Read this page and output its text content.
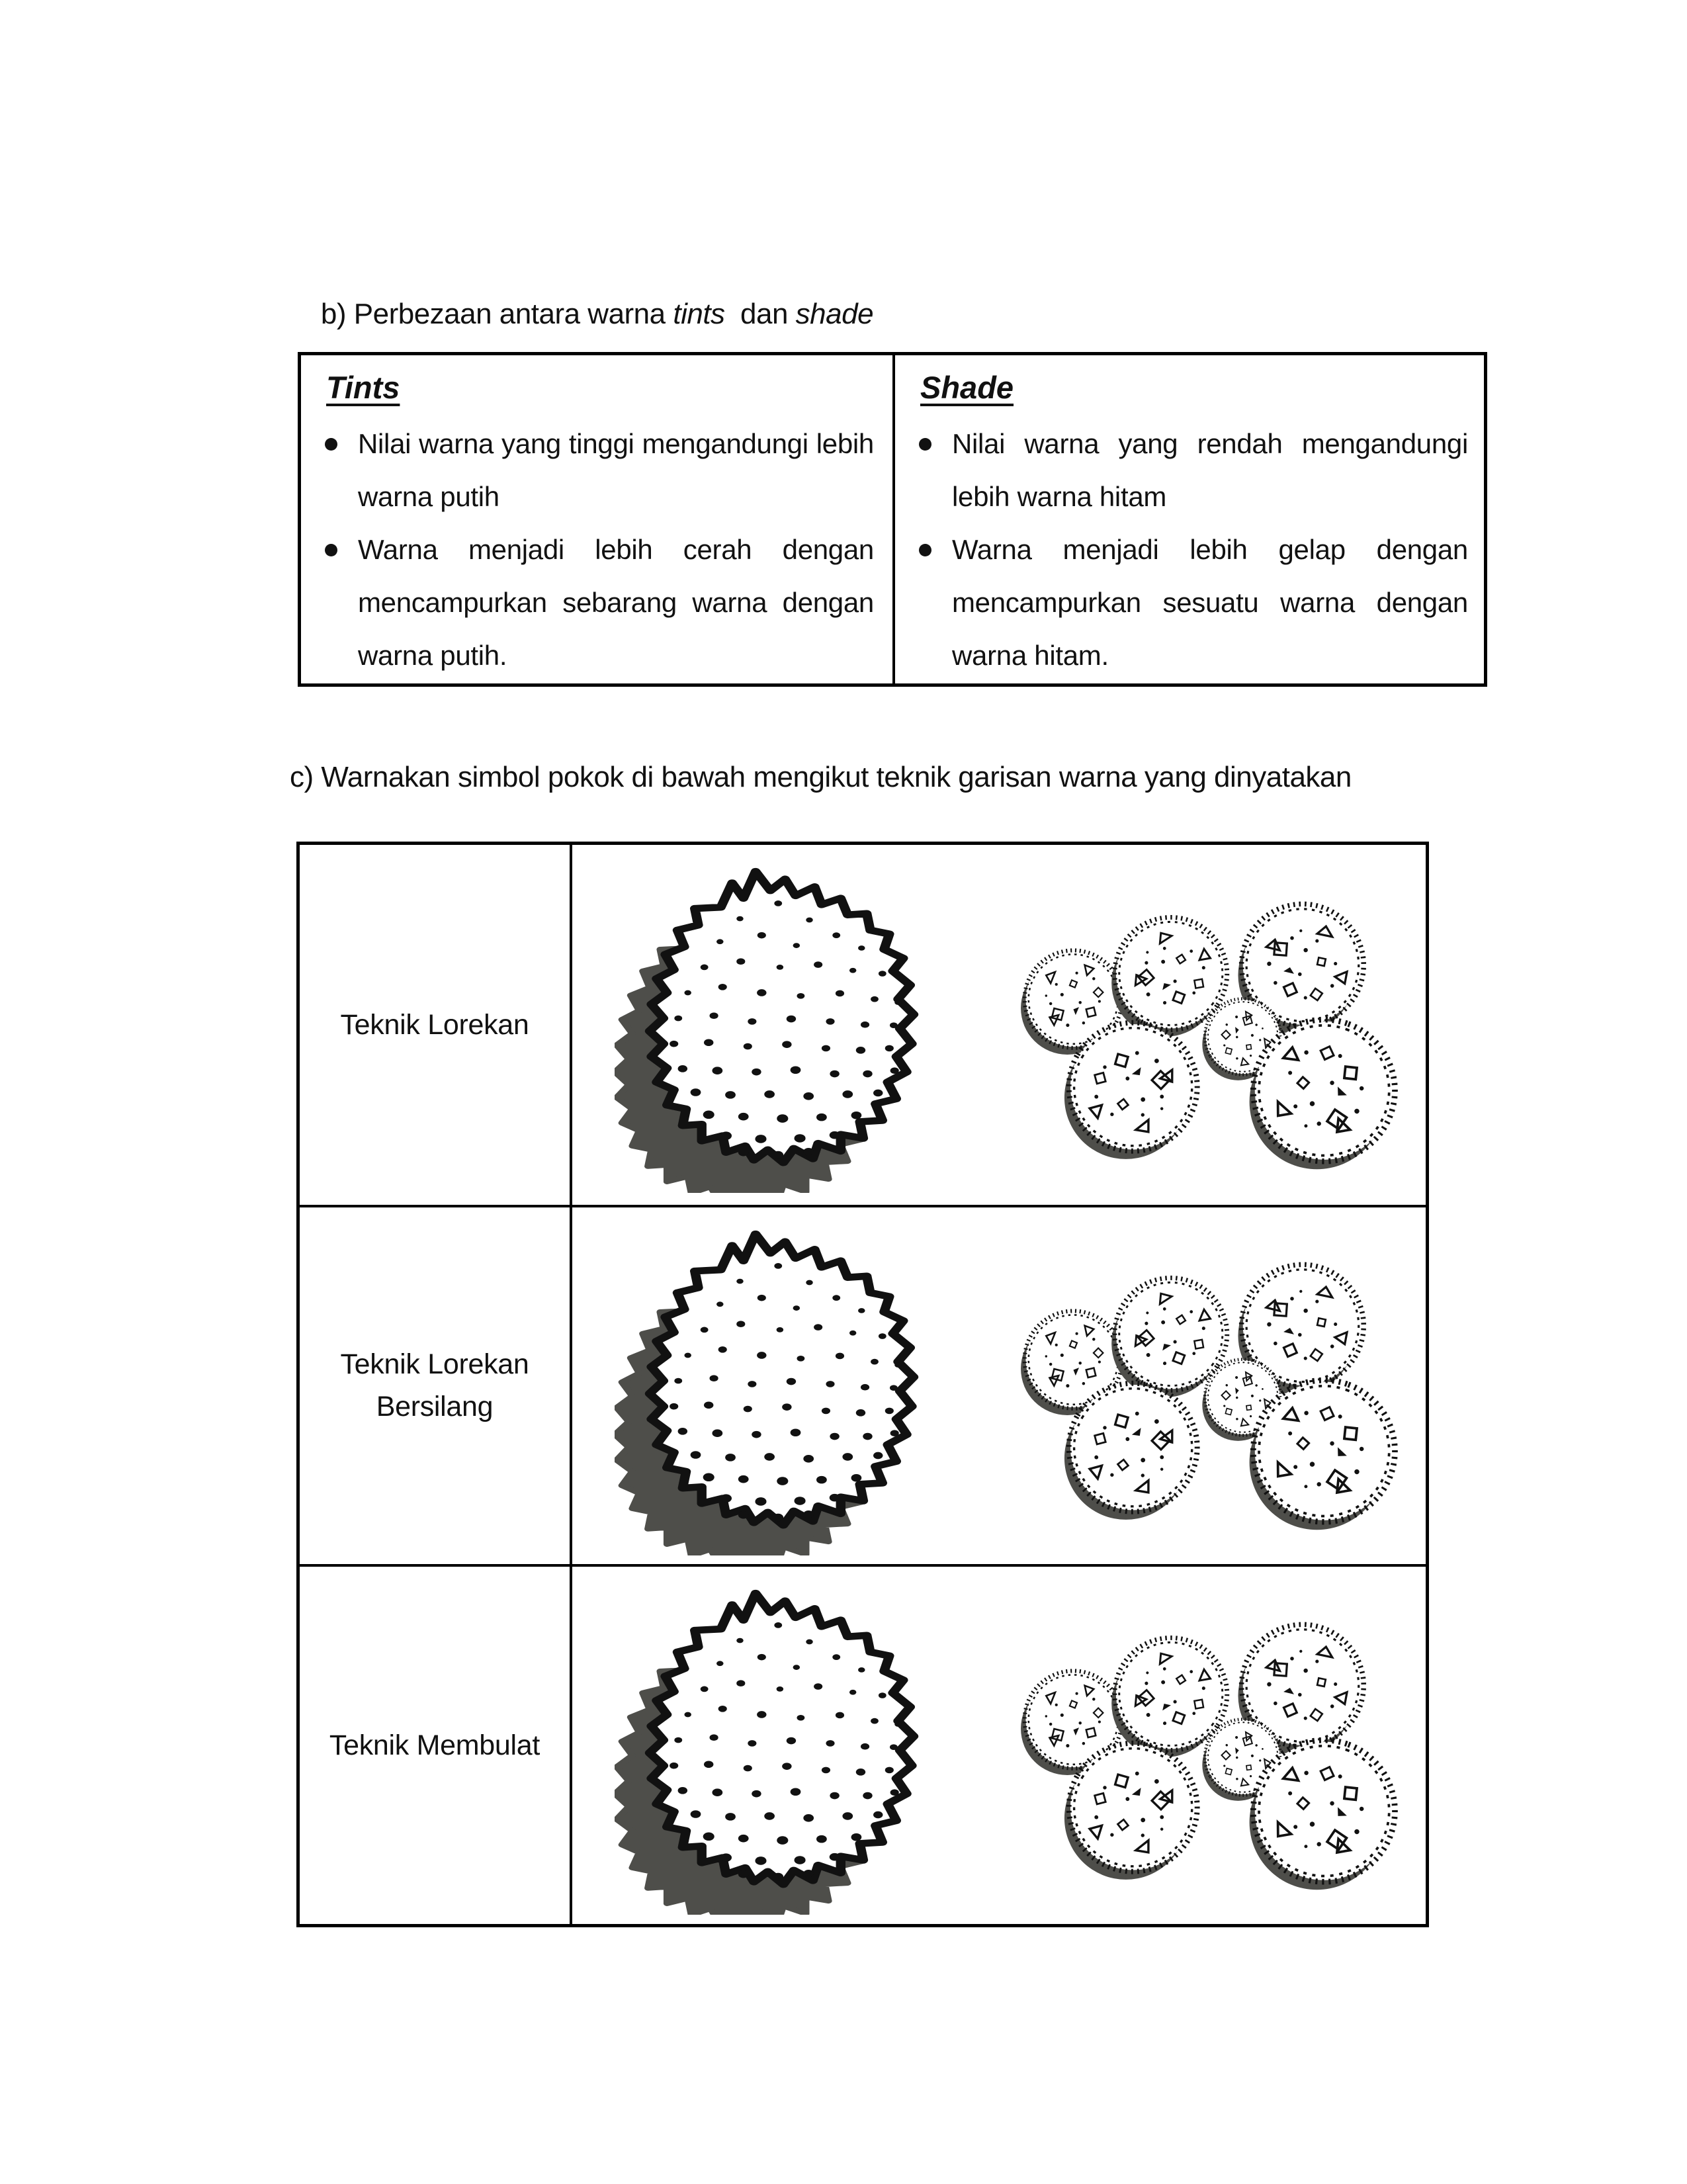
b) Perbezaan antara warna tints  dan shade

Tints
Nilai warna yang tinggi mengandungi lebih warna putih
Warna menjadi lebih cerah dengan mencampurkan sebarang warna dengan warna putih.
Shade
Nilai warna yang rendah mengandungi lebih warna hitam
Warna menjadi lebih gelap dengan mencampurkan sesuatu warna dengan warna hitam.
c) Warnakan simbol pokok di bawah mengikut teknik garisan warna yang dinyatakan
Teknik Lorekan
Teknik Lorekan Bersilang
Teknik Membulat
